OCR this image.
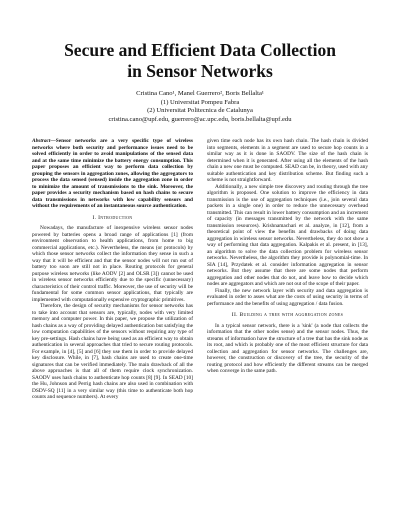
Secure and Efficient Data Collection
in Sensor Networks
Cristina Cano¹, Manel Guerrero², Boris Bellalta¹
(1) Universitat Pompeu Fabra
(2) Universitat Politecnica de Catalunya
cristina.cano@upf.edu, guerrero@ac.upc.edu, boris.bellalta@upf.edu

Abstract—Sensor networks are a very specific type of wireless networks where both security and performance issues need to be solved efficiently in order to avoid manipulations of the sensed data and at the same time minimize the battery energy consumption. This paper proposes an efficient way to perform data collection by grouping the sensors in aggregation zones, allowing the aggregators to process the data sensed (sensed) inside the aggregation zone in order to minimize the amount of transmissions to the sink. Moreover, the paper provides a security mechanism based on hash chains to secure data transmissions in networks with low capability sensors and without the requirements of an instantaneous source authentication.

I. Introduction

Nowadays, the manufacture of inexpensive wireless sensor nodes powered by batteries opens a broad range of applications [1] (from environment observation to health applications, from home to big commercial applications, etc.). Nevertheless, the means (or protocols) by which those sensor networks collect the information they sense in such a way that it will be efficient and that the sensor nodes will not run out of battery too soon are still not in place. Routing protocols for general purpose wireless networks (like AODV [2] and OLSR [3]) cannot be used in wireless sensor networks efficiently due to the specific (unnecessary) characteristics of their control traffic. Moreover, the use of security will be fundamental for some common sensor applications, that typically are implemented with computationally expensive cryptographic primitives.

Therefore, the design of security mechanisms for sensor networks has to take into account that sensors are, typically, nodes with very limited memory and computer power. In this paper, we propose the utilization of hash chains as a way of providing delayed authentication but satisfying the low computation capabilities of the sensors without requiring any type of key pre-settings. Hash chains have being used as an efficient way to obtain authentication in several approaches that tried to secure routing protocols. For example, in [4], [5] and [6] they use them in order to provide delayed key disclosure. While, in [7], hash chains are used to create one-time signatures that can be verified immediately. The main drawback of all the above approaches is that all of them require clock synchronization. SAODV uses hash chains to authenticate hop counts [8] [9]. In SEAD [10] the Hu, Johnson and Perrig hash chains are also used in combination with DSDV-SQ [11] in a very similar way (this time to authenticate both hop counts and sequence numbers). At every

given time each node has its own hash chain. The hash chain is divided into segments, elements in a segment are used to secure hop counts in a similar way as it is done in SAODV. The size of the hash chain is determined when it is generated. After using all the elements of the hash chain a new one must be computed. SEAD can be, in theory, used with any suitable authentication and key distribution scheme. But finding such a scheme is not straightforward.

Additionally, a new simple tree discovery and routing through the tree algorithm is proposed. One solution to improve the efficiency in data transmission is the use of aggregation techniques (i.e., join several data packets in a single one) in order to reduce the unnecessary overhead transmitted. This can result in lower battery consumption and an increment of capacity (in messages transmitted by the network with the same transmission resources). Krishnamachari et al. analyze, in [12], from a theoretical point of view the benefits and drawbacks of doing data aggregation in wireless sensor networks. Nevertheless, they do not show a way of performing that data aggregation. Kalpakis et al. present, in [13], an algorithm to solve the data collection problem for wireless sensor networks. Nevertheless, the algorithm they provide is polynomial-time. In SIA [14], Przydatek et al. consider information aggregation in sensor networks. But they assume that there are some nodes that perform aggregation and other nodes that do not, and leave how to decide which nodes are aggregators and which are not out of the scope of their paper.

Finally, the new network layer with security and data aggregation is evaluated in order to asses what are the costs of using security in terms of performance and the benefits of using aggregation / data fusion.

II. Building a tree with aggregation zones

In a typical sensor network, there is a 'sink' (a node that collects the information that the other nodes sense) and the sensor nodes. Thus, the streams of information have the structure of a tree that has the sink node as its root, and which is probably one of the most efficient structure for data collection and aggregation for sensor networks. The challenges are, however, the construction or discovery of the tree, the security of the routing protocol and how efficiently the different streams can be merged when converge in the same path.
